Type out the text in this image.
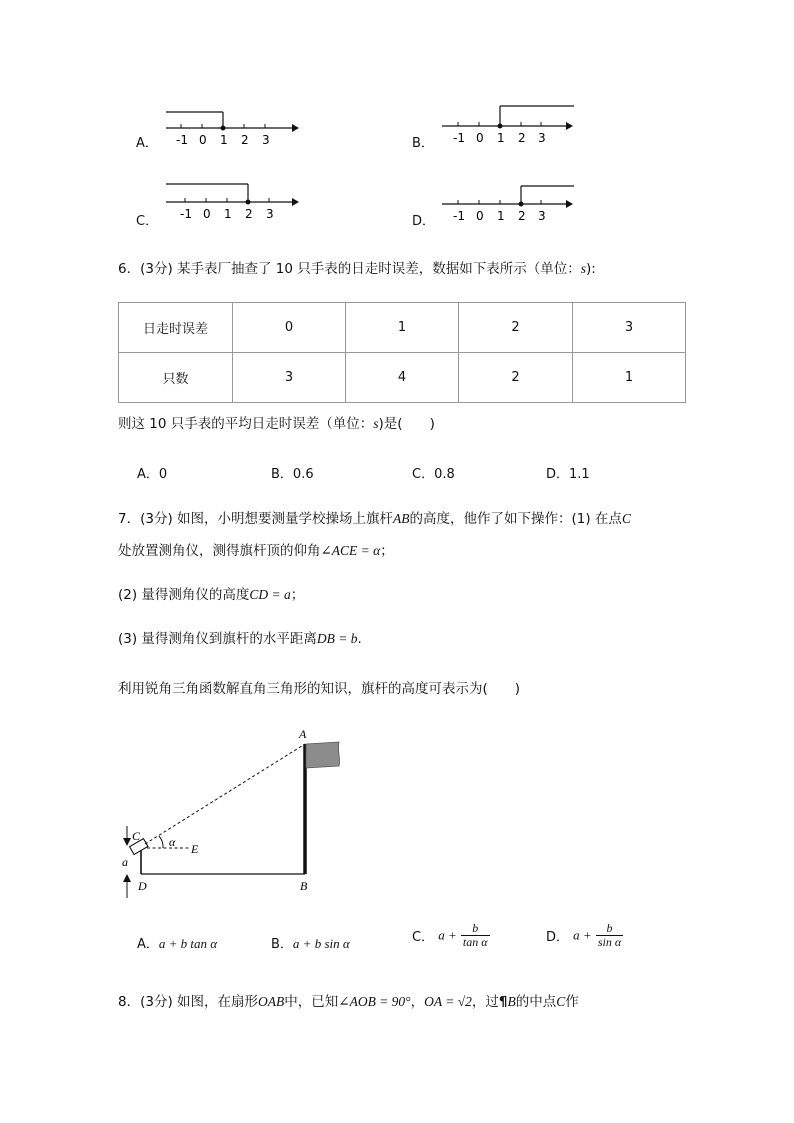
A． -1 0 1 2 3	B． -1 0 1 2 3
C． -1 0 1 2 3	D． -1 0 1 2 3
6．(3分) 某手表厂抽查了 10 只手表的日走时误差，数据如下表所示（单位：s):
日走时误差	0	1	2	3
只数	3	4	2	1
则这 10 只手表的平均日走时误差（单位：s)是(　　)
A．0	B．0.6	C．0.8	D．1.1
7．(3分) 如图，小明想要测量学校操场上旗杆AB的高度，他作了如下操作：(1) 在点C
处放置测角仪，测得旗杆顶的仰角∠ACE = α；
(2) 量得测角仪的高度CD = a；
(3) 量得测角仪到旗杆的水平距离DB = b.
利用锐角三角函数解直角三角形的知识，旗杆的高度可表示为(　　)
A
B
C
D
E
α
a
A．a + b tan α	B．a + b sin α	C． $a + \frac{b}{\text{tan α}}$	D． $a + \frac{b}{\text{sin α}}$
8．(3分) 如图，在扇形OAB中，已知∠AOB = 90°，OA = √2，过¶B的中点C作
